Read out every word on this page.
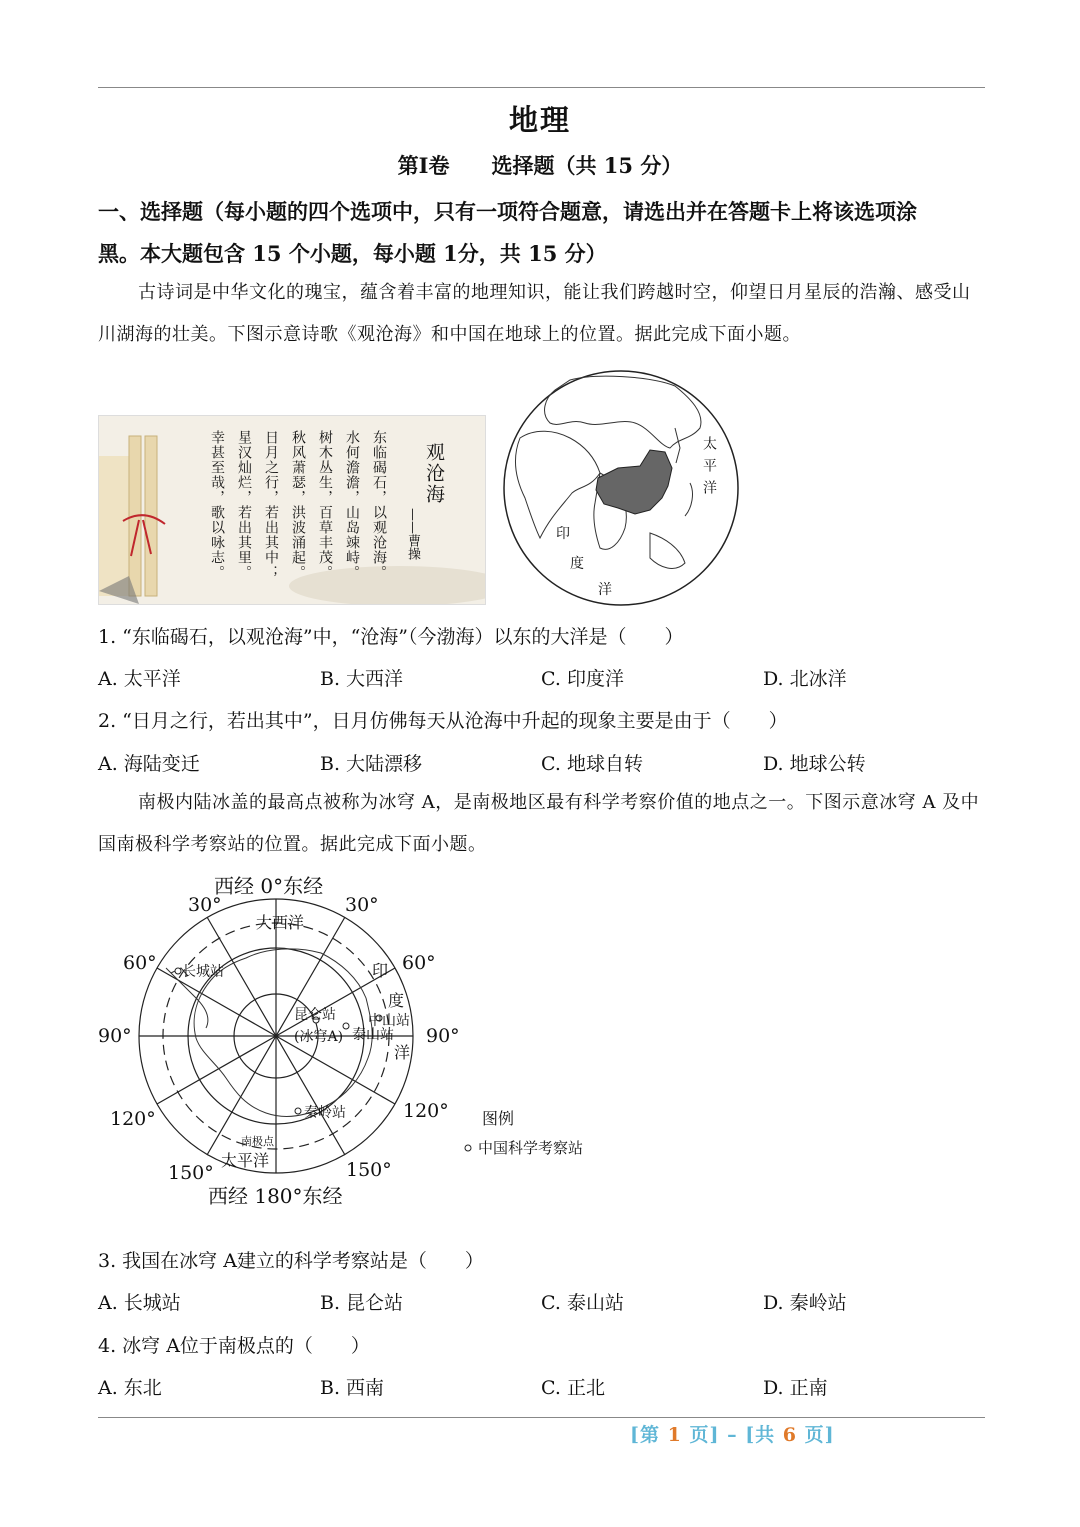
地理
第Ⅰ卷 选择题（共 15 分）
一、选择题（每小题的四个选项中，只有一项符合题意，请选出并在答题卡上将该选项涂
黑。本大题包含 15 个小题，每小题 1分，共 15 分）
古诗词是中华文化的瑰宝，蕴含着丰富的地理知识，能让我们跨越时空，仰望日月星辰的浩瀚、感受山川湖海的壮美。下图示意诗歌《观沧海》和中国在地球上的位置。据此完成下面小题。
观沧海
——曹操
东临碣石，以观沧海。
水何澹澹，山岛竦峙。
树木丛生，百草丰茂。
秋风萧瑟，洪波涌起。
日月之行，若出其中；
星汉灿烂，若出其里。
幸甚至哉，歌以咏志。	太平洋
印
度
洋
1. “东临碣石，以观沧海”中，“沧海”（今渤海）以东的大洋是（　　）
A. 太平洋	B. 大西洋	C. 印度洋	D. 北冰洋
2. “日月之行，若出其中”，日月仿佛每天从沧海中升起的现象主要是由于（　　）
A. 海陆变迁	B. 大陆漂移	C. 地球自转	D. 地球公转
南极内陆冰盖的最高点被称为冰穹 A，是南极地区最有科学考察价值的地点之一。下图示意冰穹 A 及中国南极科学考察站的位置。据此完成下面小题。
西经 0°东经
西经 180°东经
30°	30°
60°	60°
90°	90°
120°	120°
150°	150°
大西洋
太平洋
南极点
印
度
洋
长城站
昆仑站
(冰穹A) 泰山站
中山站
秦岭站	图例
中国科学考察站
3. 我国在冰穹 A建立的科学考察站是（　　）
A. 长城站	B. 昆仑站	C. 泰山站	D. 秦岭站
4. 冰穹 A位于南极点的（　　）
A. 东北	B. 西南	C. 正北	D. 正南
[第 1 页] – [共 6 页]
